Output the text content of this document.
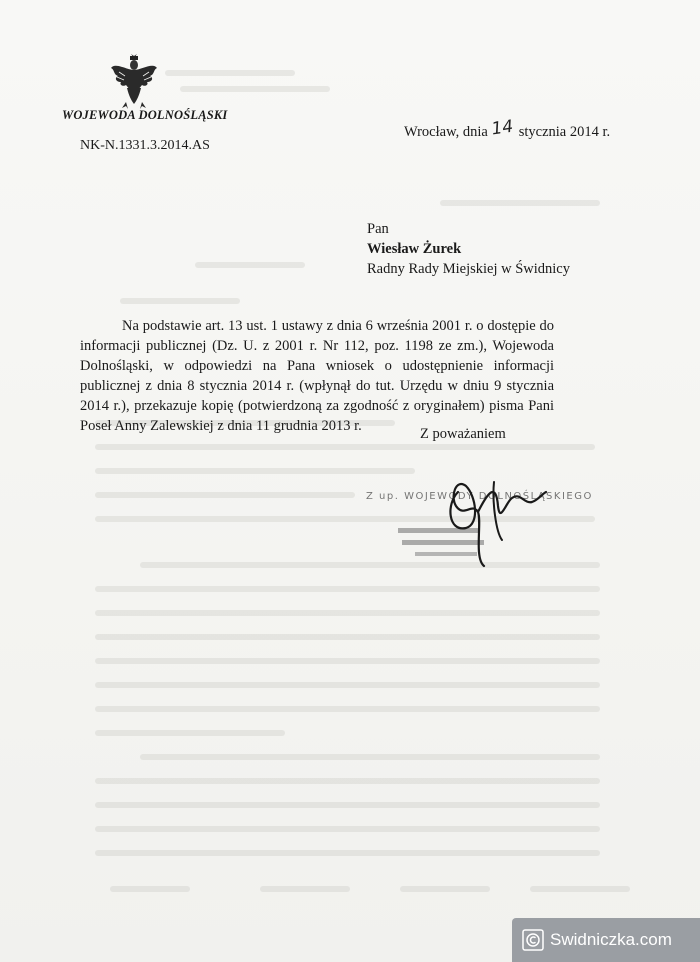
WOJEWODA DOLNOŚLĄSKI
NK-N.1331.3.2014.AS
Wrocław, dnia 14 stycznia 2014 r.
Pan
Wiesław Żurek
Radny Rady Miejskiej w Świdnicy
Na podstawie art. 13 ust. 1 ustawy z dnia 6 września 2001 r. o dostępie do informacji publicznej (Dz. U. z 2001 r. Nr 112, poz. 1198 ze zm.), Wojewoda Dolnośląski, w odpowiedzi na Pana wniosek o udostępnienie informacji publicznej z dnia 8 stycznia 2014 r. (wpłynął do tut. Urzędu w dniu 9 stycznia 2014 r.), przekazuje kopię (potwierdzoną za zgodność z oryginałem) pisma Pani Poseł Anny Zalewskiej z dnia 11 grudnia 2013 r.	Z poważaniem
Z up. WOJEWODY DOLNOŚLĄSKIEGO
Swidniczka.com
